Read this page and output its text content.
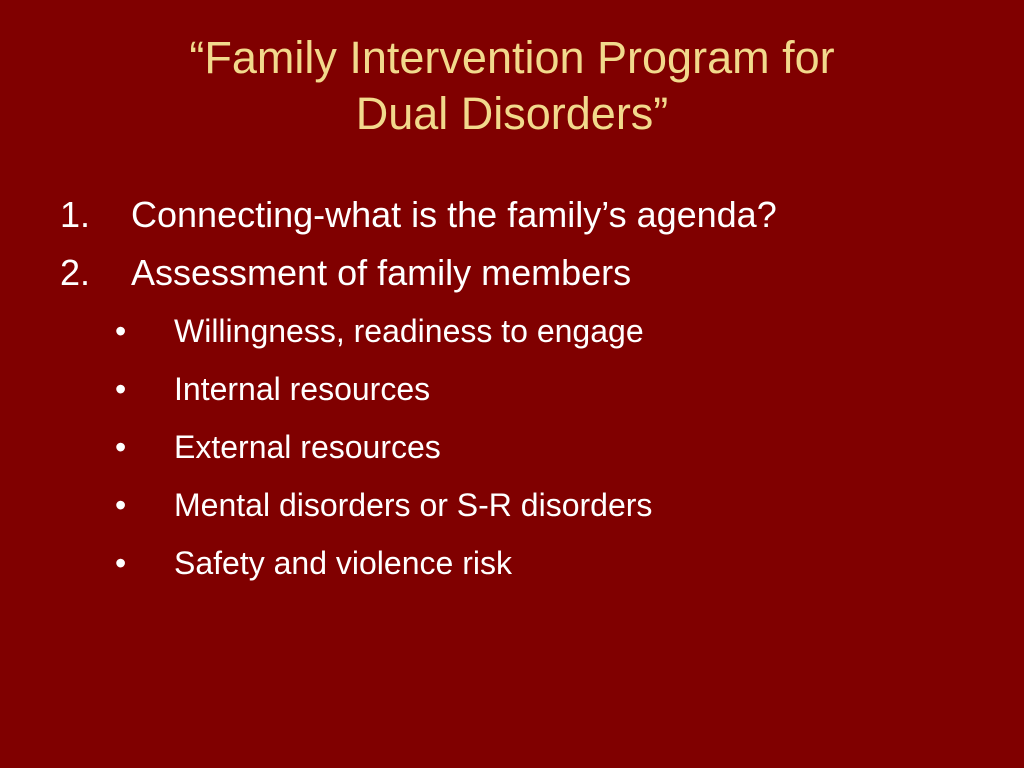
“Family Intervention Program for
Dual Disorders”
1. Connecting-what is the family’s agenda?
2. Assessment of family members
• Willingness, readiness to engage
• Internal resources
• External resources
• Mental disorders or S-R disorders
• Safety and violence risk
